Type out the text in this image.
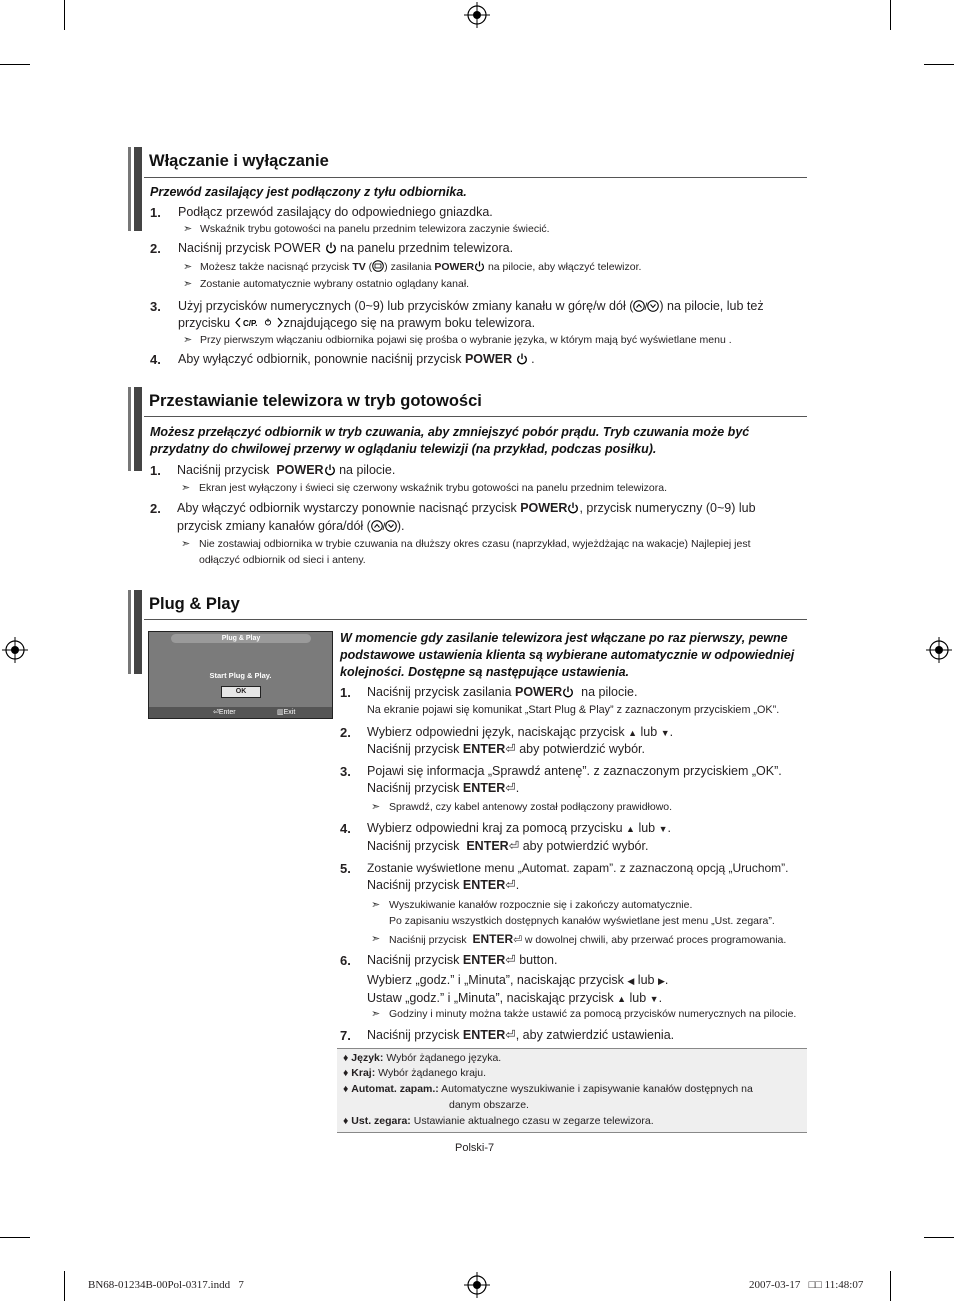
Włączanie i wyłączanie
Przewód zasilający jest podłączony z tyłu odbiornika.
1. Podłącz przewód zasilający do odpowiedniego gniazdka.
➣ Wskaźnik trybu gotowości na panelu przednim telewizora zaczynie świecić.
2. Naciśnij przycisk POWER na panelu przednim telewizora.
➣ Możesz także nacisnąć przycisk TV ( ) zasilania POWER na pilocie, aby włączyć telewizor.
➣ Zostanie automatycznie wybrany ostatnio oglądany kanał.
3. Użyj przycisków numerycznych (0~9) lub przycisków zmiany kanału w górę/w dół ( / ) na pilocie, lub też
przycisku C/P. znajdującego się na prawym boku telewizora.
➣ Przy pierwszym włączaniu odbiornika pojawi się prośba o wybranie języka, w którym mają być wyświetlane menu .
4. Aby wyłączyć odbiornik, ponownie naciśnij przycisk POWER .
Przestawianie telewizora w tryb gotowości
Możesz przełączyć odbiornik w tryb czuwania, aby zmniejszyć pobór prądu. Tryb czuwania może być
przydatny do chwilowej przerwy w oglądaniu telewizji (na przykład, podczas posiłku).
1. Naciśnij przycisk POWER na pilocie.
➣ Ekran jest wyłączony i świeci się czerwony wskaźnik trybu gotowości na panelu przednim telewizora.
2. Aby włączyć odbiornik wystarczy ponownie nacisnąć przycisk POWER , przycisk numeryczny (0~9) lub
przycisk zmiany kanałów góra/dół ( / ).
➣ Nie zostawiaj odbiornika w trybie czuwania na dłuższy okres czasu (naprzykład, wyjeżdżając na wakacje) Najlepiej jest
odłączyć odbiornik od sieci i anteny.
Plug & Play
Plug & Play
Start Plug & Play.
OK
⏎Enter	▥Exit
W momencie gdy zasilanie telewizora jest włączane po raz pierwszy, pewne
podstawowe ustawienia klienta są wybierane automatycznie w odpowiedniej
kolejności. Dostępne są następujące ustawienia.
1. Naciśnij przycisk zasilania POWER na pilocie.
Na ekranie pojawi się komunikat „Start Plug & Play” z zaznaczonym przyciskiem „OK”.
2. Wybierz odpowiedni język, naciskając przycisk ▲ lub ▼.
Naciśnij przycisk ENTER⏎ aby potwierdzić wybór.
3. Pojawi się informacja „Sprawdź antenę”. z zaznaczonym przyciskiem „OK”.
Naciśnij przycisk ENTER⏎.
➣ Sprawdź, czy kabel antenowy został podłączony prawidłowo.
4. Wybierz odpowiedni kraj za pomocą przycisku ▲ lub ▼.
Naciśnij przycisk ENTER⏎ aby potwierdzić wybór.
5. Zostanie wyświetlone menu „Automat. zapam”. z zaznaczoną opcją „Uruchom”.
Naciśnij przycisk ENTER⏎.
➣ Wyszukiwanie kanałów rozpocznie się i zakończy automatycznie.
Po zapisaniu wszystkich dostępnych kanałów wyświetlane jest menu „Ust. zegara”.
➣ Naciśnij przycisk ENTER⏎ w dowolnej chwili, aby przerwać proces programowania.
6. Naciśnij przycisk ENTER⏎ button.
Wybierz „godz.” i „Minuta”, naciskając przycisk ◀ lub ▶.
Ustaw „godz.” i „Minuta”, naciskając przycisk ▲ lub ▼.
➣ Godziny i minuty można także ustawić za pomocą przycisków numerycznych na pilocie.
7. Naciśnij przycisk ENTER⏎, aby zatwierdzić ustawienia.
♦ Język: Wybór żądanego języka.
♦ Kraj: Wybór żądanego kraju.
♦ Automat. zapam.: Automatyczne wyszukiwanie i zapisywanie kanałów dostępnych na
danym obszarze.
♦ Ust. zegara: Ustawianie aktualnego czasu w zegarze telewizora.
Polski-7
BN68-01234B-00Pol-0317.indd   7	2007-03-17   □□ 11:48:07
